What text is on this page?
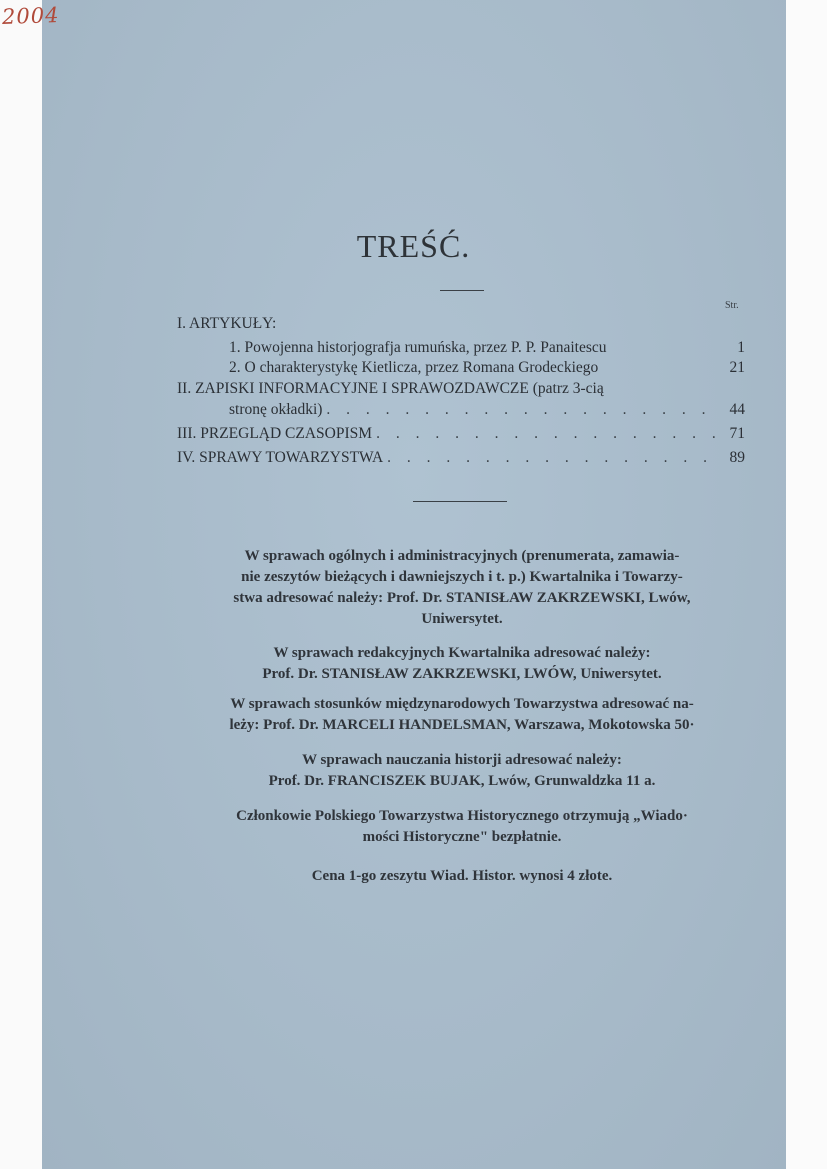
2004
TREŚĆ.
Str.
I. ARTYKUŁY:
1. Powojenna historjografja rumuńska, przez P. P. Panaitescu	1
2. O charakterystykę Kietlicza, przez Romana Grodeckiego	21
II. ZAPISKI INFORMACYJNE I SPRAWOZDAWCZE (patrz 3-cią
stronę okładki) . . .	44
III. PRZEGLĄD CZASOPISM . . .	71
IV. SPRAWY TOWARZYSTWA . . .	89

W sprawach ogólnych i administracyjnych (prenumerata, zamawia-

nie zeszytów bieżących i dawniejszych i t. p.) Kwartalnika i Towarzy-

stwa adresować należy: Prof. Dr. STANISŁAW ZAKRZEWSKI, Lwów,

Uniwersytet.

W sprawach redakcyjnych Kwartalnika adresować należy:

Prof. Dr. STANISŁAW ZAKRZEWSKI, LWÓW, Uniwersytet.

W sprawach stosunków międzynarodowych Towarzystwa adresować na-

leży: Prof. Dr. MARCELI HANDELSMAN, Warszawa, Mokotowska 50·

W sprawach nauczania historji adresować należy:

Prof. Dr. FRANCISZEK BUJAK, Lwów, Grunwaldzka 11 a.

Członkowie Polskiego Towarzystwa Historycznego otrzymują „Wiado·

mości Historyczne" bezpłatnie.

Cena 1-go zeszytu Wiad. Histor. wynosi 4 złote.
